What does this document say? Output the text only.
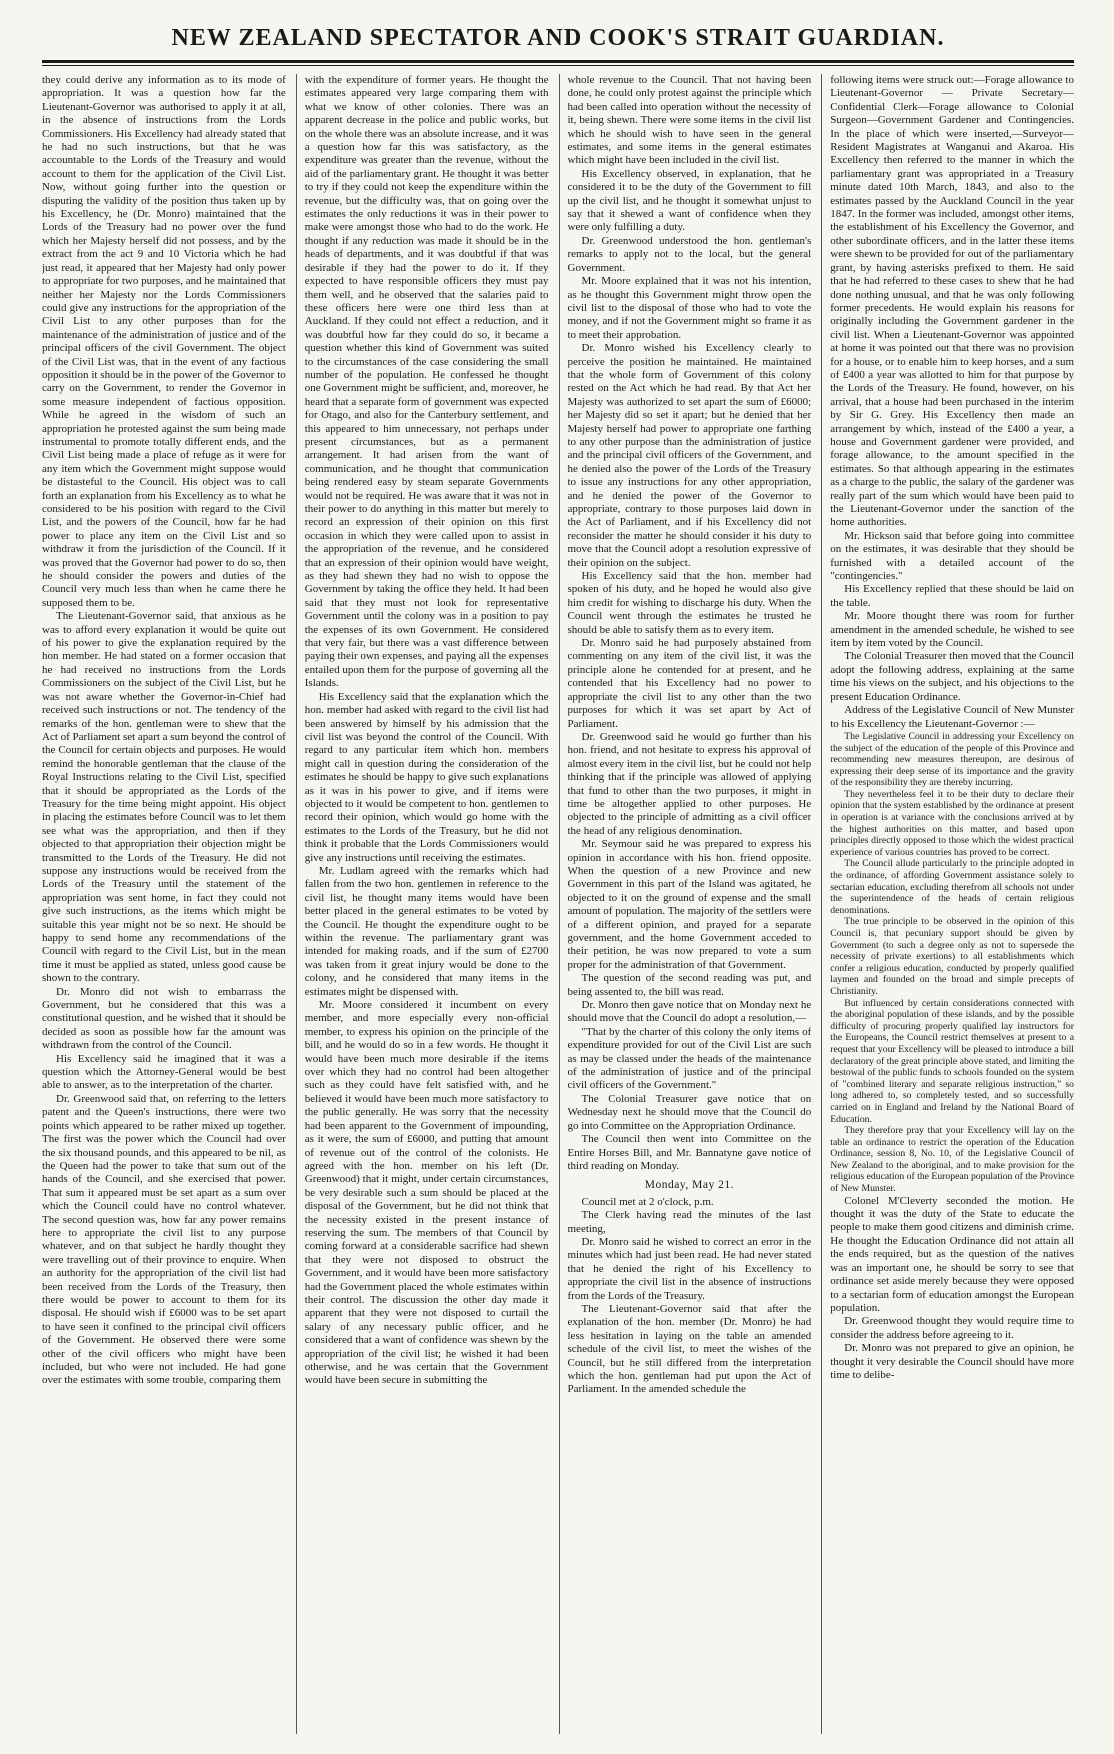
NEW ZEALAND SPECTATOR AND COOK'S STRAIT GUARDIAN.

they could derive any information as to its mode of appropriation. It was a question how far the Lieutenant-Governor was authorised to apply it at all, in the absence of instructions from the Lords Commissioners. His Excellency had already stated that he had no such instructions, but that he was accountable to the Lords of the Treasury and would account to them for the application of the Civil List. Now, without going further into the question or disputing the validity of the position thus taken up by his Excellency, he (Dr. Monro) maintained that the Lords of the Treasury had no power over the fund which her Majesty herself did not possess, and by the extract from the act 9 and 10 Victoria which he had just read, it appeared that her Majesty had only power to appropriate for two purposes, and he maintained that neither her Majesty nor the Lords Commissioners could give any instructions for the appropriation of the Civil List to any other purposes than for the maintenance of the administration of justice and of the principal officers of the civil Government. The object of the Civil List was, that in the event of any factious opposition it should be in the power of the Governor to carry on the Government, to render the Governor in some measure independent of factious opposition. While he agreed in the wisdom of such an appropriation he protested against the sum being made instrumental to promote totally different ends, and the Civil List being made a place of refuge as it were for any item which the Government might suppose would be distasteful to the Council. His object was to call forth an explanation from his Excellency as to what he considered to be his position with regard to the Civil List, and the powers of the Council, how far he had power to place any item on the Civil List and so withdraw it from the jurisdiction of the Council. If it was proved that the Governor had power to do so, then he should consider the powers and duties of the Council very much less than when he came there he supposed them to be.

The Lieutenant-Governor said, that anxious as he was to afford every explanation it would be quite out of his power to give the explanation required by the hon member. He had stated on a former occasion that he had received no instructions from the Lords Commissioners on the subject of the Civil List, but he was not aware whether the Governor-in-Chief had received such instructions or not. The tendency of the remarks of the hon. gentleman were to shew that the Act of Parliament set apart a sum beyond the control of the Council for certain objects and purposes. He would remind the honorable gentleman that the clause of the Royal Instructions relating to the Civil List, specified that it should be appropriated as the Lords of the Treasury for the time being might appoint. His object in placing the estimates before Council was to let them see what was the appropriation, and then if they objected to that appropriation their objection might be transmitted to the Lords of the Treasury. He did not suppose any instructions would be received from the Lords of the Treasury until the statement of the appropriation was sent home, in fact they could not give such instructions, as the items which might be suitable this year might not be so next. He should be happy to send home any recommendations of the Council with regard to the Civil List, but in the mean time it must be applied as stated, unless good cause be shown to the contrary.

Dr. Monro did not wish to embarrass the Government, but he considered that this was a constitutional question, and he wished that it should be decided as soon as possible how far the amount was withdrawn from the control of the Council.

His Excellency said he imagined that it was a question which the Attorney-General would be best able to answer, as to the interpretation of the charter.

Dr. Greenwood said that, on referring to the letters patent and the Queen's instructions, there were two points which appeared to be rather mixed up together. The first was the power which the Council had over the six thousand pounds, and this appeared to be nil, as the Queen had the power to take that sum out of the hands of the Council, and she exercised that power. That sum it appeared must be set apart as a sum over which the Council could have no control whatever. The second question was, how far any power remains here to appropriate the civil list to any purpose whatever, and on that subject he hardly thought they were travelling out of their province to enquire. When an authority for the appropriation of the civil list had been received from the Lords of the Treasury, then there would be power to account to them for its disposal. He should wish if £6000 was to be set apart to have seen it confined to the principal civil officers of the Government. He observed there were some other of the civil officers who might have been included, but who were not included. He had gone over the estimates with some trouble, comparing them

with the expenditure of former years. He thought the estimates appeared very large comparing them with what we know of other colonies. There was an apparent decrease in the police and public works, but on the whole there was an absolute increase, and it was a question how far this was satisfactory, as the expenditure was greater than the revenue, without the aid of the parliamentary grant. He thought it was better to try if they could not keep the expenditure within the revenue, but the difficulty was, that on going over the estimates the only reductions it was in their power to make were amongst those who had to do the work. He thought if any reduction was made it should be in the heads of departments, and it was doubtful if that was desirable if they had the power to do it. If they expected to have responsible officers they must pay them well, and he observed that the salaries paid to these officers here were one third less than at Auckland. If they could not effect a reduction, and it was doubtful how far they could do so, it became a question whether this kind of Government was suited to the circumstances of the case considering the small number of the population. He confessed he thought one Government might be sufficient, and, moreover, he heard that a separate form of government was expected for Otago, and also for the Canterbury settlement, and this appeared to him unnecessary, not perhaps under present circumstances, but as a permanent arrangement. It had arisen from the want of communication, and he thought that communication being rendered easy by steam separate Governments would not be required. He was aware that it was not in their power to do anything in this matter but merely to record an expression of their opinion on this first occasion in which they were called upon to assist in the appropriation of the revenue, and he considered that an expression of their opinion would have weight, as they had shewn they had no wish to oppose the Government by taking the office they held. It had been said that they must not look for representative Government until the colony was in a position to pay the expenses of its own Government. He considered that very fair, but there was a vast difference between paying their own expenses, and paying all the expenses entailed upon them for the purpose of governing all the Islands.

His Excellency said that the explanation which the hon. member had asked with regard to the civil list had been answered by himself by his admission that the civil list was beyond the control of the Council. With regard to any particular item which hon. members might call in question during the consideration of the estimates he should be happy to give such explanations as it was in his power to give, and if items were objected to it would be competent to hon. gentlemen to record their opinion, which would go home with the estimates to the Lords of the Treasury, but he did not think it probable that the Lords Commissioners would give any instructions until receiving the estimates.

Mr. Ludlam agreed with the remarks which had fallen from the two hon. gentlemen in reference to the civil list, he thought many items would have been better placed in the general estimates to be voted by the Council. He thought the expenditure ought to be within the revenue. The parliamentary grant was intended for making roads, and if the sum of £2700 was taken from it great injury would be done to the colony, and he considered that many items in the estimates might be dispensed with.

Mr. Moore considered it incumbent on every member, and more especially every non-official member, to express his opinion on the principle of the bill, and he would do so in a few words. He thought it would have been much more desirable if the items over which they had no control had been altogether such as they could have felt satisfied with, and he believed it would have been much more satisfactory to the public generally. He was sorry that the necessity had been apparent to the Government of impounding, as it were, the sum of £6000, and putting that amount of revenue out of the control of the colonists. He agreed with the hon. member on his left (Dr. Greenwood) that it might, under certain circumstances, be very desirable such a sum should be placed at the disposal of the Government, but he did not think that the necessity existed in the present instance of reserving the sum. The members of that Council by coming forward at a considerable sacrifice had shewn that they were not disposed to obstruct the Government, and it would have been more satisfactory had the Government placed the whole estimates within their control. The discussion the other day made it apparent that they were not disposed to curtail the salary of any necessary public officer, and he considered that a want of confidence was shewn by the appropriation of the civil list; he wished it had been otherwise, and he was certain that the Government would have been secure in submitting the

whole revenue to the Council. That not having been done, he could only protest against the principle which had been called into operation without the necessity of it, being shewn. There were some items in the civil list which he should wish to have seen in the general estimates, and some items in the general estimates which might have been included in the civil list.

His Excellency observed, in explanation, that he considered it to be the duty of the Government to fill up the civil list, and he thought it somewhat unjust to say that it shewed a want of confidence when they were only fulfilling a duty.

Dr. Greenwood understood the hon. gentleman's remarks to apply not to the local, but the general Government.

Mr. Moore explained that it was not his intention, as he thought this Government might throw open the civil list to the disposal of those who had to vote the money, and if not the Government might so frame it as to meet their approbation.

Dr. Monro wished his Excellency clearly to perceive the position he maintained. He maintained that the whole form of Government of this colony rested on the Act which he had read. By that Act her Majesty was authorized to set apart the sum of £6000; her Majesty did so set it apart; but he denied that her Majesty herself had power to appropriate one farthing to any other purpose than the administration of justice and the principal civil officers of the Government, and he denied also the power of the Lords of the Treasury to issue any instructions for any other appropriation, and he denied the power of the Governor to appropriate, contrary to those purposes laid down in the Act of Parliament, and if his Excellency did not reconsider the matter he should consider it his duty to move that the Council adopt a resolution expressive of their opinion on the subject.

His Excellency said that the hon. member had spoken of his duty, and he hoped he would also give him credit for wishing to discharge his duty. When the Council went through the estimates he trusted he should be able to satisfy them as to every item.

Dr. Monro said he had purposely abstained from commenting on any item of the civil list, it was the principle alone he contended for at present, and he contended that his Excellency had no power to appropriate the civil list to any other than the two purposes for which it was set apart by Act of Parliament.

Dr. Greenwood said he would go further than his hon. friend, and not hesitate to express his approval of almost every item in the civil list, but he could not help thinking that if the principle was allowed of applying that fund to other than the two purposes, it might in time be altogether applied to other purposes. He objected to the principle of admitting as a civil officer the head of any religious denomination.

Mr. Seymour said he was prepared to express his opinion in accordance with his hon. friend opposite. When the question of a new Province and new Government in this part of the Island was agitated, he objected to it on the ground of expense and the small amount of population. The majority of the settlers were of a different opinion, and prayed for a separate government, and the home Government acceded to their petition, he was now prepared to vote a sum proper for the administration of that Government.

The question of the second reading was put, and being assented to, the bill was read.

Dr. Monro then gave notice that on Monday next he should move that the Council do adopt a resolution,—

"That by the charter of this colony the only items of expenditure provided for out of the Civil List are such as may be classed under the heads of the maintenance of the administration of justice and of the principal civil officers of the Government."

The Colonial Treasurer gave notice that on Wednesday next he should move that the Council do go into Committee on the Appropriation Ordinance.

The Council then went into Committee on the Entire Horses Bill, and Mr. Bannatyne gave notice of third reading on Monday.

Monday, May 21.

Council met at 2 o'clock, p.m.

The Clerk having read the minutes of the last meeting,

Dr. Monro said he wished to correct an error in the minutes which had just been read. He had never stated that he denied the right of his Excellency to appropriate the civil list in the absence of instructions from the Lords of the Treasury.

The Lieutenant-Governor said that after the explanation of the hon. member (Dr. Monro) he had less hesitation in laying on the table an amended schedule of the civil list, to meet the wishes of the Council, but he still differed from the interpretation which the hon. gentleman had put upon the Act of Parliament. In the amended schedule the

following items were struck out:—Forage allowance to Lieutenant-Governor — Private Secretary—Confidential Clerk—Forage allowance to Colonial Surgeon—Government Gardener and Contingencies. In the place of which were inserted,—Surveyor—Resident Magistrates at Wanganui and Akaroa. His Excellency then referred to the manner in which the parliamentary grant was appropriated in a Treasury minute dated 10th March, 1843, and also to the estimates passed by the Auckland Council in the year 1847. In the former was included, amongst other items, the establishment of his Excellency the Governor, and other subordinate officers, and in the latter these items were shewn to be provided for out of the parliamentary grant, by having asterisks prefixed to them. He said that he had referred to these cases to shew that he had done nothing unusual, and that he was only following former precedents. He would explain his reasons for originally including the Government gardener in the civil list. When a Lieutenant-Governor was appointed at home it was pointed out that there was no provision for a house, or to enable him to keep horses, and a sum of £400 a year was allotted to him for that purpose by the Lords of the Treasury. He found, however, on his arrival, that a house had been purchased in the interim by Sir G. Grey. His Excellency then made an arrangement by which, instead of the £400 a year, a house and Government gardener were provided, and forage allowance, to the amount specified in the estimates. So that although appearing in the estimates as a charge to the public, the salary of the gardener was really part of the sum which would have been paid to the Lieutenant-Governor under the sanction of the home authorities.

Mr. Hickson said that before going into committee on the estimates, it was desirable that they should be furnished with a detailed account of the "contingencies."

His Excellency replied that these should be laid on the table.

Mr. Moore thought there was room for further amendment in the amended schedule, he wished to see item by item voted by the Council.

The Colonial Treasurer then moved that the Council adopt the following address, explaining at the same time his views on the subject, and his objections to the present Education Ordinance.

Address of the Legislative Council of New Munster to his Excellency the Lieutenant-Governor :—

The Legislative Council in addressing your Excellency on the subject of the education of the people of this Province and recommending new measures thereupon, are desirous of expressing their deep sense of its importance and the gravity of the responsibility they are thereby incurring.

They nevertheless feel it to be their duty to declare their opinion that the system established by the ordinance at present in operation is at variance with the conclusions arrived at by the highest authorities on this matter, and based upon principles directly opposed to those which the widest practical experience of various countries has proved to be correct.

The Council allude particularly to the principle adopted in the ordinance, of affording Government assistance solely to sectarian education, excluding therefrom all schools not under the superintendence of the heads of certain religious denominations.

The true principle to be observed in the opinion of this Council is, that pecuniary support should be given by Government (to such a degree only as not to supersede the necessity of private exertions) to all establishments which confer a religious education, conducted by properly qualified laymen and founded on the broad and simple precepts of Christianity.

But influenced by certain considerations connected with the aboriginal population of these islands, and by the possible difficulty of procuring properly qualified lay instructors for the Europeans, the Council restrict themselves at present to a request that your Excellency will be pleased to introduce a bill declaratory of the great principle above stated, and limiting the bestowal of the public funds to schools founded on the system of "combined literary and separate religious instruction," so long adhered to, so completely tested, and so successfully carried on in England and Ireland by the National Board of Education.

They therefore pray that your Excellency will lay on the table an ordinance to restrict the operation of the Education Ordinance, session 8, No. 10, of the Legislative Council of New Zealand to the aboriginal, and to make provision for the religious education of the European population of the Province of New Munster.

Colonel M'Cleverty seconded the motion. He thought it was the duty of the State to educate the people to make them good citizens and diminish crime. He thought the Education Ordinance did not attain all the ends required, but as the question of the natives was an important one, he should be sorry to see that ordinance set aside merely because they were opposed to a sectarian form of education amongst the European population.

Dr. Greenwood thought they would require time to consider the address before agreeing to it.

Dr. Monro was not prepared to give an opinion, he thought it very desirable the Council should have more time to delibe-
